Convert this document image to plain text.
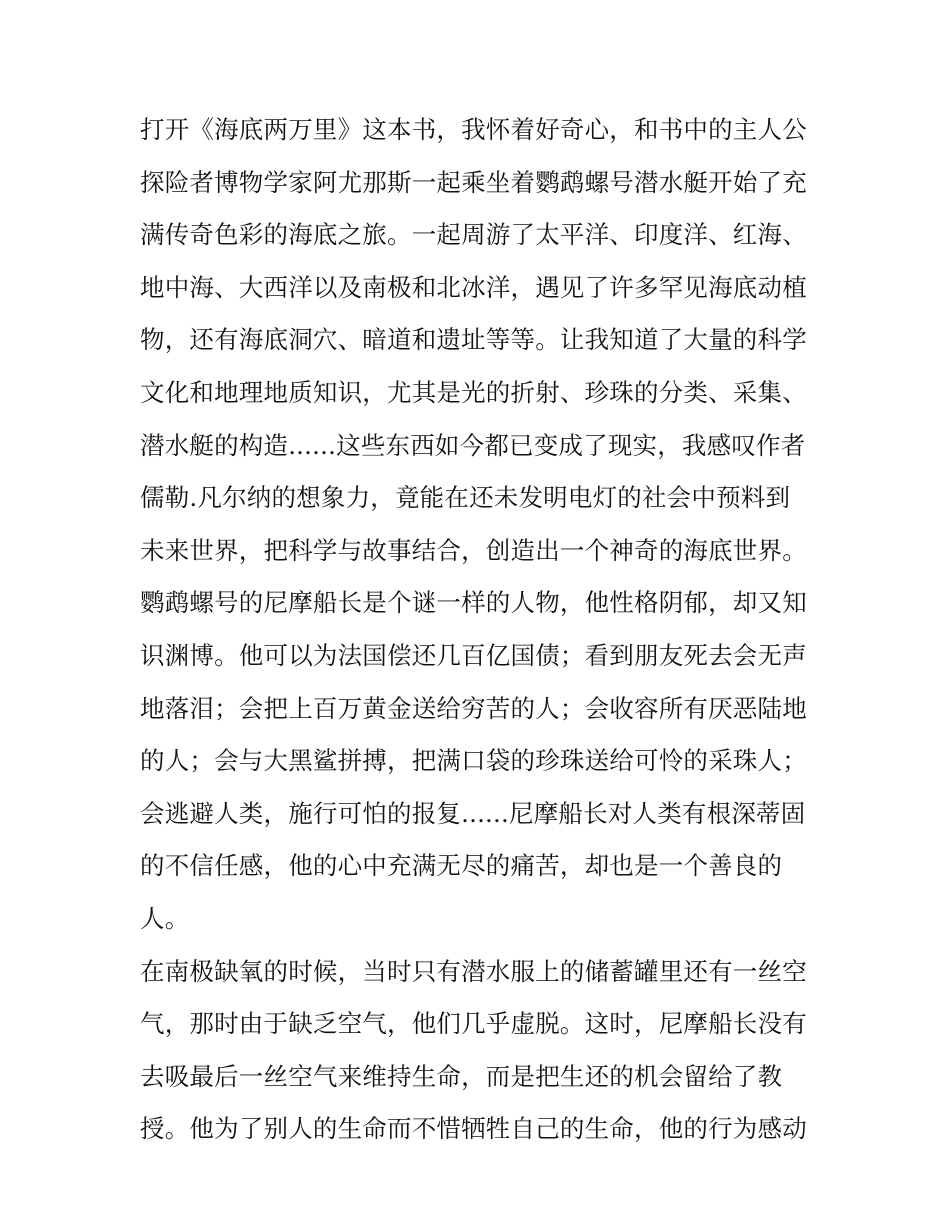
打开《海底两万里》这本书，我怀着好奇心，和书中的主人公
探险者博物学家阿尤那斯一起乘坐着鹦鹉螺号潜水艇开始了充
满传奇色彩的海底之旅。一起周游了太平洋、印度洋、红海、
地中海、大西洋以及南极和北冰洋，遇见了许多罕见海底动植
物，还有海底洞穴、暗道和遗址等等。让我知道了大量的科学
文化和地理地质知识，尤其是光的折射、珍珠的分类、采集、
潜水艇的构造......这些东西如今都已变成了现实，我感叹作者
儒勒.凡尔纳的想象力，竟能在还未发明电灯的社会中预料到
未来世界，把科学与故事结合，创造出一个神奇的海底世界。
鹦鹉螺号的尼摩船长是个谜一样的人物，他性格阴郁，却又知
识渊博。他可以为法国偿还几百亿国债；看到朋友死去会无声
地落泪；会把上百万黄金送给穷苦的人；会收容所有厌恶陆地
的人；会与大黑鲨拼搏，把满口袋的珍珠送给可怜的采珠人；
会逃避人类，施行可怕的报复......尼摩船长对人类有根深蒂固
的不信任感，他的心中充满无尽的痛苦，却也是一个善良的
人。
在南极缺氧的时候，当时只有潜水服上的储蓄罐里还有一丝空
气，那时由于缺乏空气，他们几乎虚脱。这时，尼摩船长没有
去吸最后一丝空气来维持生命，而是把生还的机会留给了教
授。他为了别人的生命而不惜牺牲自己的生命，他的行为感动
